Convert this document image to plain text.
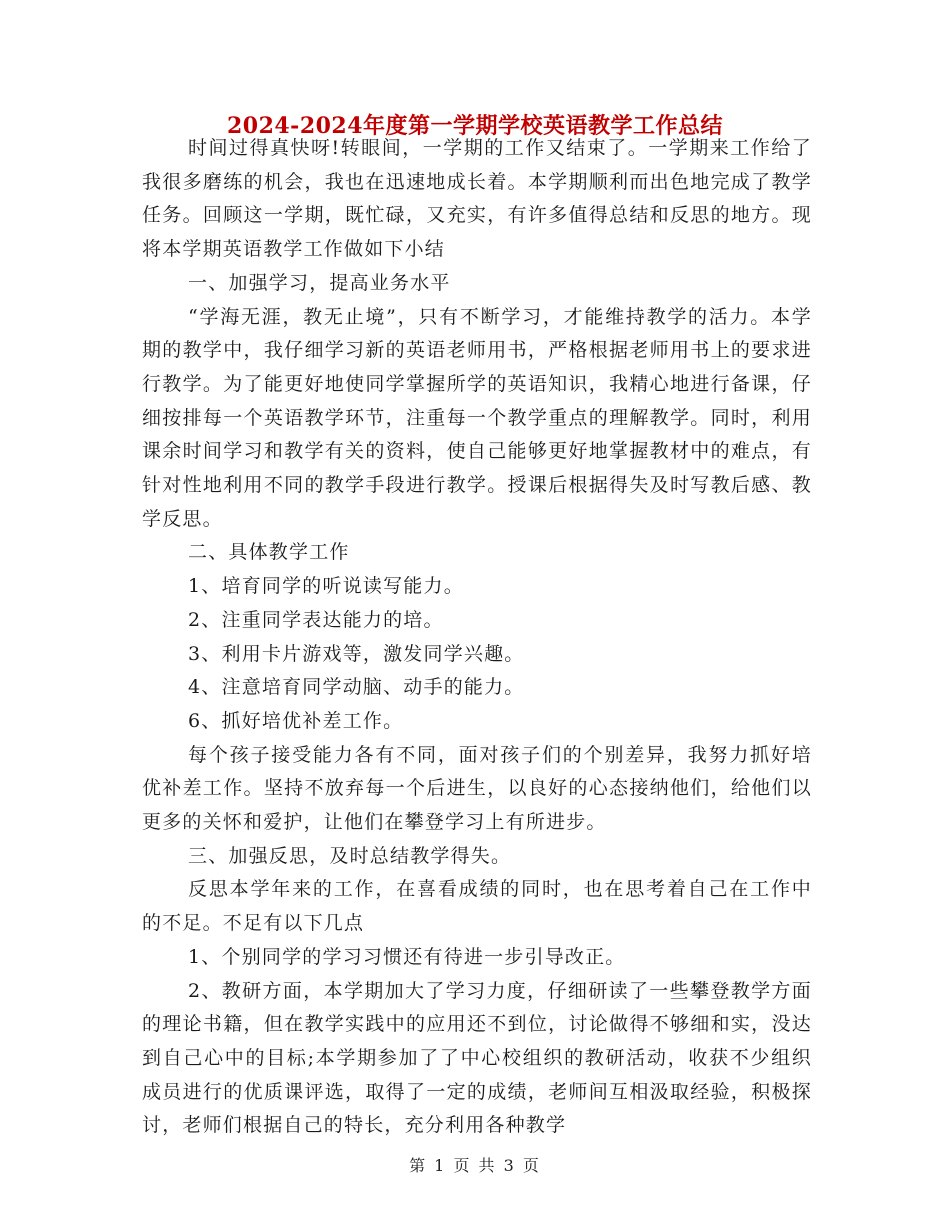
2024-2024年度第一学期学校英语教学工作总结

时间过得真快呀!转眼间，一学期的工作又结束了。一学期来工作给了我很多磨练的机会，我也在迅速地成长着。本学期顺利而出色地完成了教学任务。回顾这一学期，既忙碌，又充实，有许多值得总结和反思的地方。现将本学期英语教学工作做如下小结

一、加强学习，提高业务水平

“学海无涯，教无止境”，只有不断学习，才能维持教学的活力。本学期的教学中，我仔细学习新的英语老师用书，严格根据老师用书上的要求进行教学。为了能更好地使同学掌握所学的英语知识，我精心地进行备课，仔细按排每一个英语教学环节，注重每一个教学重点的理解教学。同时，利用课余时间学习和教学有关的资料，使自己能够更好地掌握教材中的难点，有针对性地利用不同的教学手段进行教学。授课后根据得失及时写教后感、教学反思。

二、具体教学工作

1、培育同学的听说读写能力。

2、注重同学表达能力的培。

3、利用卡片游戏等，激发同学兴趣。

4、注意培育同学动脑、动手的能力。

6、抓好培优补差工作。

每个孩子接受能力各有不同，面对孩子们的个别差异，我努力抓好培优补差工作。坚持不放弃每一个后进生，以良好的心态接纳他们，给他们以更多的关怀和爱护，让他们在攀登学习上有所进步。

三、加强反思，及时总结教学得失。

反思本学年来的工作，在喜看成绩的同时，也在思考着自己在工作中的不足。不足有以下几点

1、个别同学的学习习惯还有待进一步引导改正。

2、教研方面，本学期加大了学习力度，仔细研读了一些攀登教学方面的理论书籍，但在教学实践中的应用还不到位，讨论做得不够细和实，没达到自己心中的目标;本学期参加了了中心校组织的教研活动，收获不少组织成员进行的优质课评选，取得了一定的成绩，老师间互相汲取经验，积极探讨，老师们根据自己的特长，充分利用各种教学

第 1 页 共 3 页
